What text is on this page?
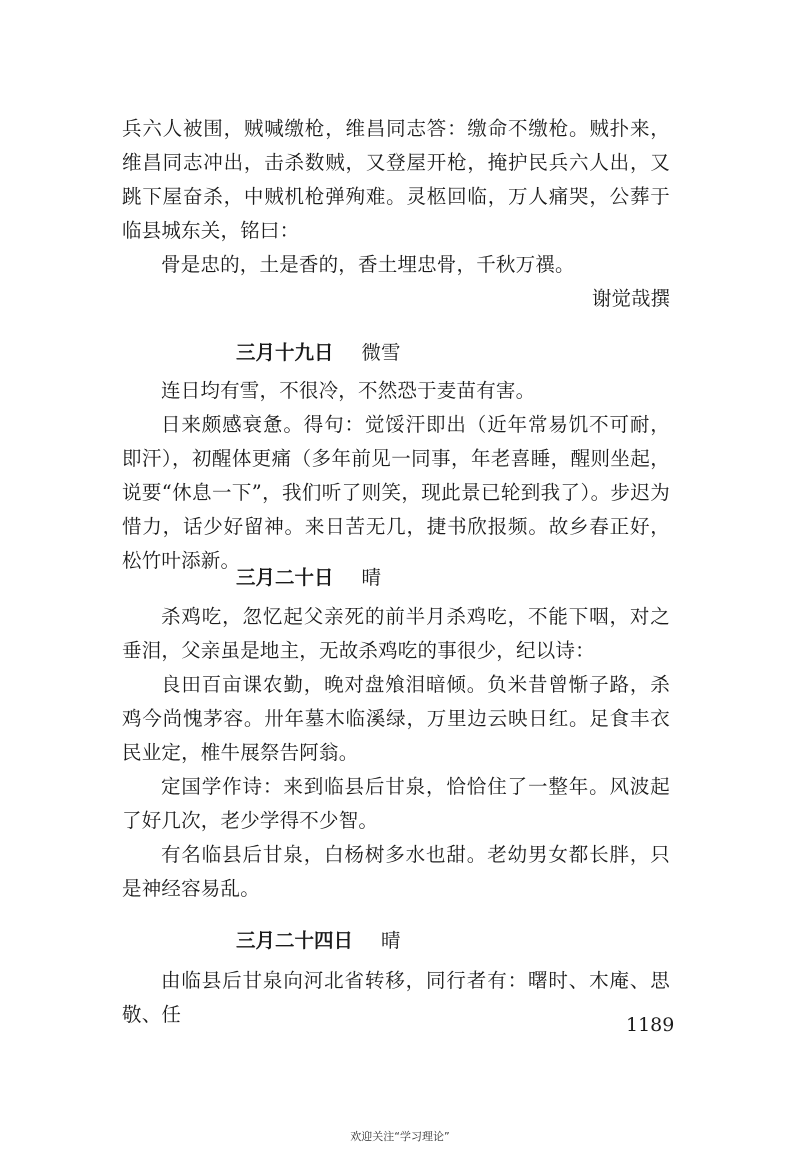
兵六人被围，贼喊缴枪，维昌同志答：缴命不缴枪。贼扑来，维昌同志冲出，击杀数贼，又登屋开枪，掩护民兵六人出，又跳下屋奋杀，中贼机枪弹殉难。灵柩回临，万人痛哭，公葬于临县城东关，铭曰：

骨是忠的，土是香的，香土埋忠骨，千秋万禩。

谢觉哉撰
三月十九日 微雪

连日均有雪，不很冷，不然恐于麦苗有害。

日来颇感衰惫。得句：觉馁汗即出（近年常易饥不可耐，即汗），初醒体更痛（多年前见一同事，年老喜睡，醒则坐起，说要“休息一下”，我们听了则笑，现此景已轮到我了）。步迟为惜力，话少好留神。来日苦无几，捷书欣报频。故乡春正好，松竹叶添新。

三月二十日 晴

杀鸡吃，忽忆起父亲死的前半月杀鸡吃，不能下咽，对之垂泪，父亲虽是地主，无故杀鸡吃的事很少，纪以诗：

良田百亩课农勤，晚对盘飧泪暗倾。负米昔曾惭子路，杀鸡今尚愧茅容。卅年墓木临溪绿，万里边云映日红。足食丰衣民业定，椎牛展祭告阿翁。

定国学作诗：来到临县后甘泉，恰恰住了一整年。风波起了好几次，老少学得不少智。

有名临县后甘泉，白杨树多水也甜。老幼男女都长胖，只是神经容易乱。

三月二十四日 晴

由临县后甘泉向河北省转移，同行者有：曙时、木庵、思敬、任	1189
欢迎关注“学习理论”
